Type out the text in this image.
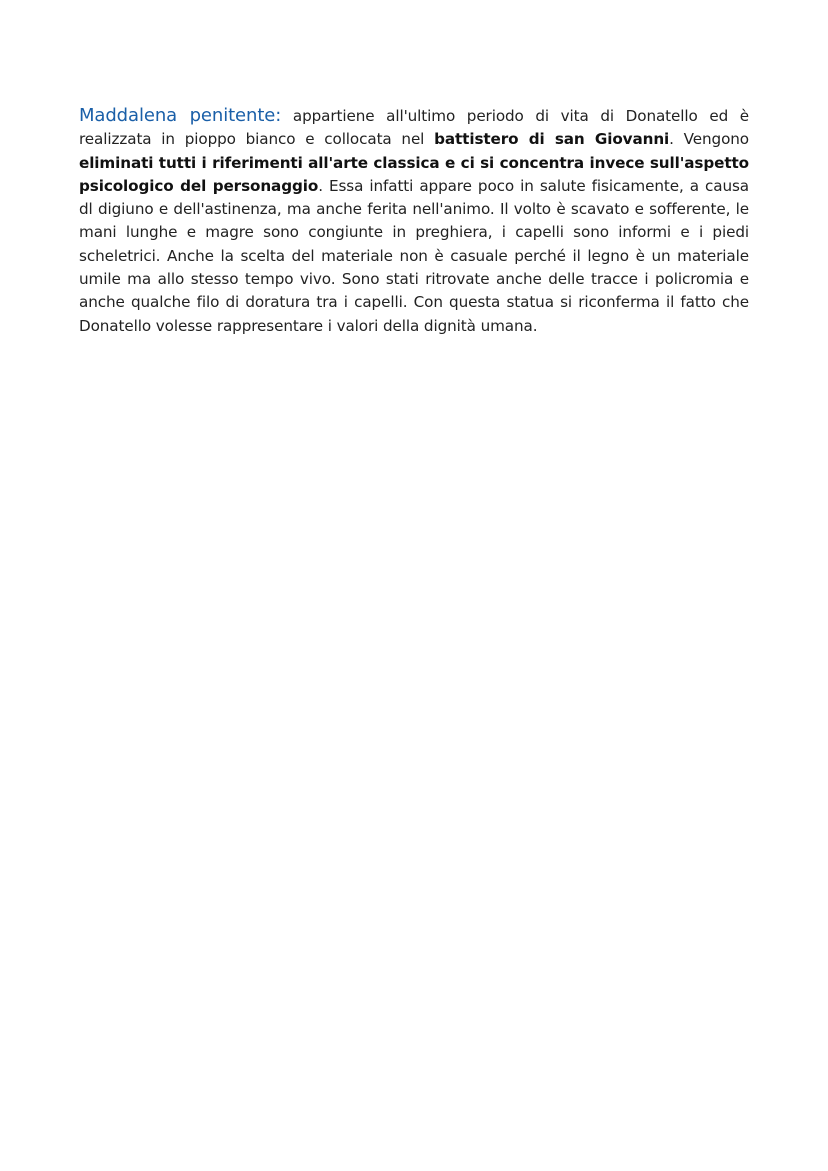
Maddalena penitente: appartiene all'ultimo periodo di vita di Donatello ed è realizzata in pioppo bianco e collocata nel battistero di san Giovanni. Vengono eliminati tutti i riferimenti all'arte classica e ci si concentra invece sull'aspetto psicologico del personaggio. Essa infatti appare poco in salute fisicamente, a causa dl digiuno e dell'astinenza, ma anche ferita nell'animo. Il volto è scavato e sofferente, le mani lunghe e magre sono congiunte in preghiera, i capelli sono informi e i piedi scheletrici. Anche la scelta del materiale non è casuale perché il legno è un materiale umile ma allo stesso tempo vivo. Sono stati ritrovate anche delle tracce i policromia e anche qualche filo di doratura tra i capelli. Con questa statua si riconferma il fatto che Donatello volesse rappresentare i valori della dignità umana.
